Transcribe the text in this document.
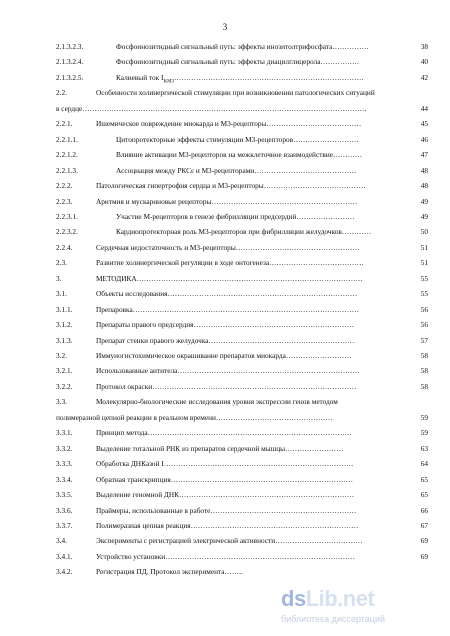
3
2.1.3.2.3.	Фосфоинозитидный сигнальный путь: эффекты инозитолтрифосфата……………	38
2.1.3.2.4.	Фосфоинозитидный сигнальный путь: эффекты диацилглицерола…………….	40
2.1.3.2.5.	Калиевый ток $I_{KM3}\dots\dots\dots\dots\dots\dots\dots\dots\dots\dots\dots\dots\dots\dots\dots\dots\dots\dots\dots\dots\dots\dots\dots\dots\dots\dots$	42
2.2.	Особенности холинергической стимуляции при возникновении патологических ситуаций
в сердце………………………………………………………………………………………………………	44
2.2.1.	Ишемическое повреждение миокарда и М3-рецепторы…………………………………	45
2.2.1.1.	Цитопротекторные эффекты стимуляции М3-рецепторов………………………	46
2.2.1.2.	Влияние активации М3-рецепторов на межклеточное взаимодействие…………	47
2.2.1.3.	Ассоциация между РКСε и М3-рецепторами……………………………………	48
2.2.2.	Патологическая гипертрофия сердца и М3-рецепторы……………………………………	48
2.2.3.	Аритмия и мускариновые рецепторы……………………………………………………	49
2.2.3.1.	Участие М-рецепторов в генезе фибрилляции предсердий……………………	49
2.2.3.2.	Кардиопротекторная роль М3-рецепторов при фибрилляции желудочков…………	50
2.2.4.	Сердечная недостаточность и М3-рецепторы……………………………………………	51
2.3.	Развитие холинергической регуляции в ходе онтогенеза…………………………………	51
3.	МЕТОДИКА…………………………………………………………………………………	55
3.1.	Объекты исследования……………………………………………………………………	55
3.1.1.	Препаровка…………………………………………………………………………………	56
3.1.2.	Препараты правого предсердия…………………………………………………………	56
3.1.3.	Препарат стенки правого желудочка……………………………………………………	57
3.2.	Иммуногистохимическое окрашивание препаратов миокарда………………………	58
3.2.1.	Использованные антитела…………………………………………………………………	58
3.2.2.	Протокол окраски…………………………………………………………………………	58
3.3.	Молекулярно-биологические исследования уровня экспрессии генов методом
полимеразной цепной реакции в реальном времени…………………………………………	59
3.3.1.	Принцип метода…………………………………………………………………………	59
3.3.2.	Выделение тотальной РНК из препаратов сердечной мышцы……………………	63
3.3.3.	Обработка ДНКазой I……………………………………………………………………	64
3.3.4.	Обратная транскрипция…………………………………………………………………	65
3.3.5.	Выделение геномной ДНК………………………………………………………………	65
3.3.6.	Праймеры, использованные в работе……………………………………………………	66
3.3.7.	Полимеразная цепная реакция……………………………………………………………	67
3.4.	Эксперименты с регистрацией электрической активности………………………………	69
3.4.1.	Устройство установки……………………………………………………………………	69
3.4.2.	Регистрация ПД. Протокол эксперимента……..
dsLib.net
библиотека диссертаций
